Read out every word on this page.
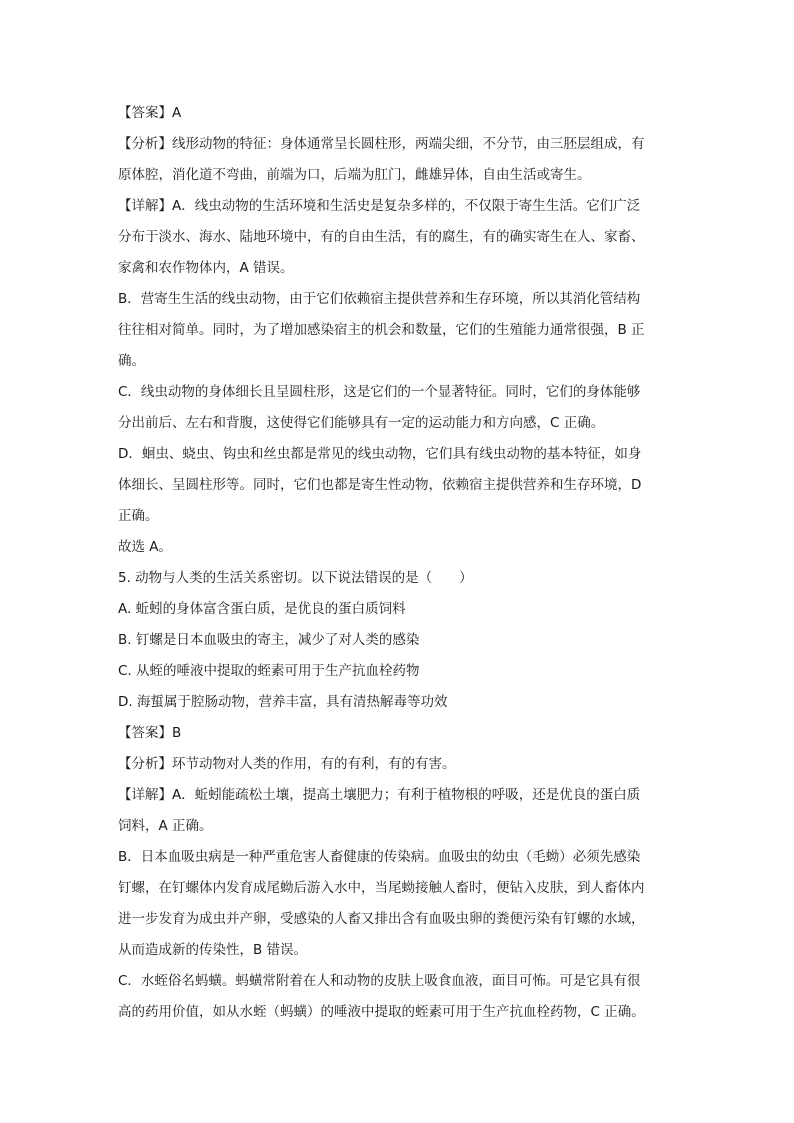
【答案】A

【分析】线形动物的特征：身体通常呈长圆柱形，两端尖细，不分节，由三胚层组成，有

原体腔，消化道不弯曲，前端为口，后端为肛门，雌雄异体，自由生活或寄生。

【详解】A．线虫动物的生活环境和生活史是复杂多样的，不仅限于寄生生活。它们广泛

分布于淡水、海水、陆地环境中，有的自由生活，有的腐生，有的确实寄生在人、家畜、

家禽和农作物体内，A 错误。

B．营寄生生活的线虫动物，由于它们依赖宿主提供营养和生存环境，所以其消化管结构

往往相对简单。同时，为了增加感染宿主的机会和数量，它们的生殖能力通常很强，B 正

确。

C．线虫动物的身体细长且呈圆柱形，这是它们的一个显著特征。同时，它们的身体能够

分出前后、左右和背腹，这使得它们能够具有一定的运动能力和方向感，C 正确。

D．蛔虫、蛲虫、钩虫和丝虫都是常见的线虫动物，它们具有线虫动物的基本特征，如身

体细长、呈圆柱形等。同时，它们也都是寄生性动物，依赖宿主提供营养和生存环境，D

正确。

故选 A。

5. 动物与人类的生活关系密切。以下说法错误的是（　　）

A. 蚯蚓的身体富含蛋白质，是优良的蛋白质饲料

B. 钉螺是日本血吸虫的寄主，减少了对人类的感染

C. 从蛭的唾液中提取的蛭素可用于生产抗血栓药物

D. 海蜇属于腔肠动物，营养丰富，具有清热解毒等功效

【答案】B

【分析】环节动物对人类的作用，有的有利，有的有害。

【详解】A．蚯蚓能疏松土壤，提高土壤肥力；有利于植物根的呼吸，还是优良的蛋白质

饲料，A 正确。

B．日本血吸虫病是一种严重危害人畜健康的传染病。血吸虫的幼虫（毛蚴）必须先感染

钉螺，在钉螺体内发育成尾蚴后游入水中，当尾蚴接触人畜时，便钻入皮肤，到人畜体内

进一步发育为成虫并产卵，受感染的人畜又排出含有血吸虫卵的粪便污染有钉螺的水域，

从而造成新的传染性，B 错误。

C．水蛭俗名蚂蟥。蚂蟥常附着在人和动物的皮肤上吸食血液，面目可怖。可是它具有很

高的药用价值，如从水蛭（蚂蟥）的唾液中提取的蛭素可用于生产抗血栓药物，C 正确。
